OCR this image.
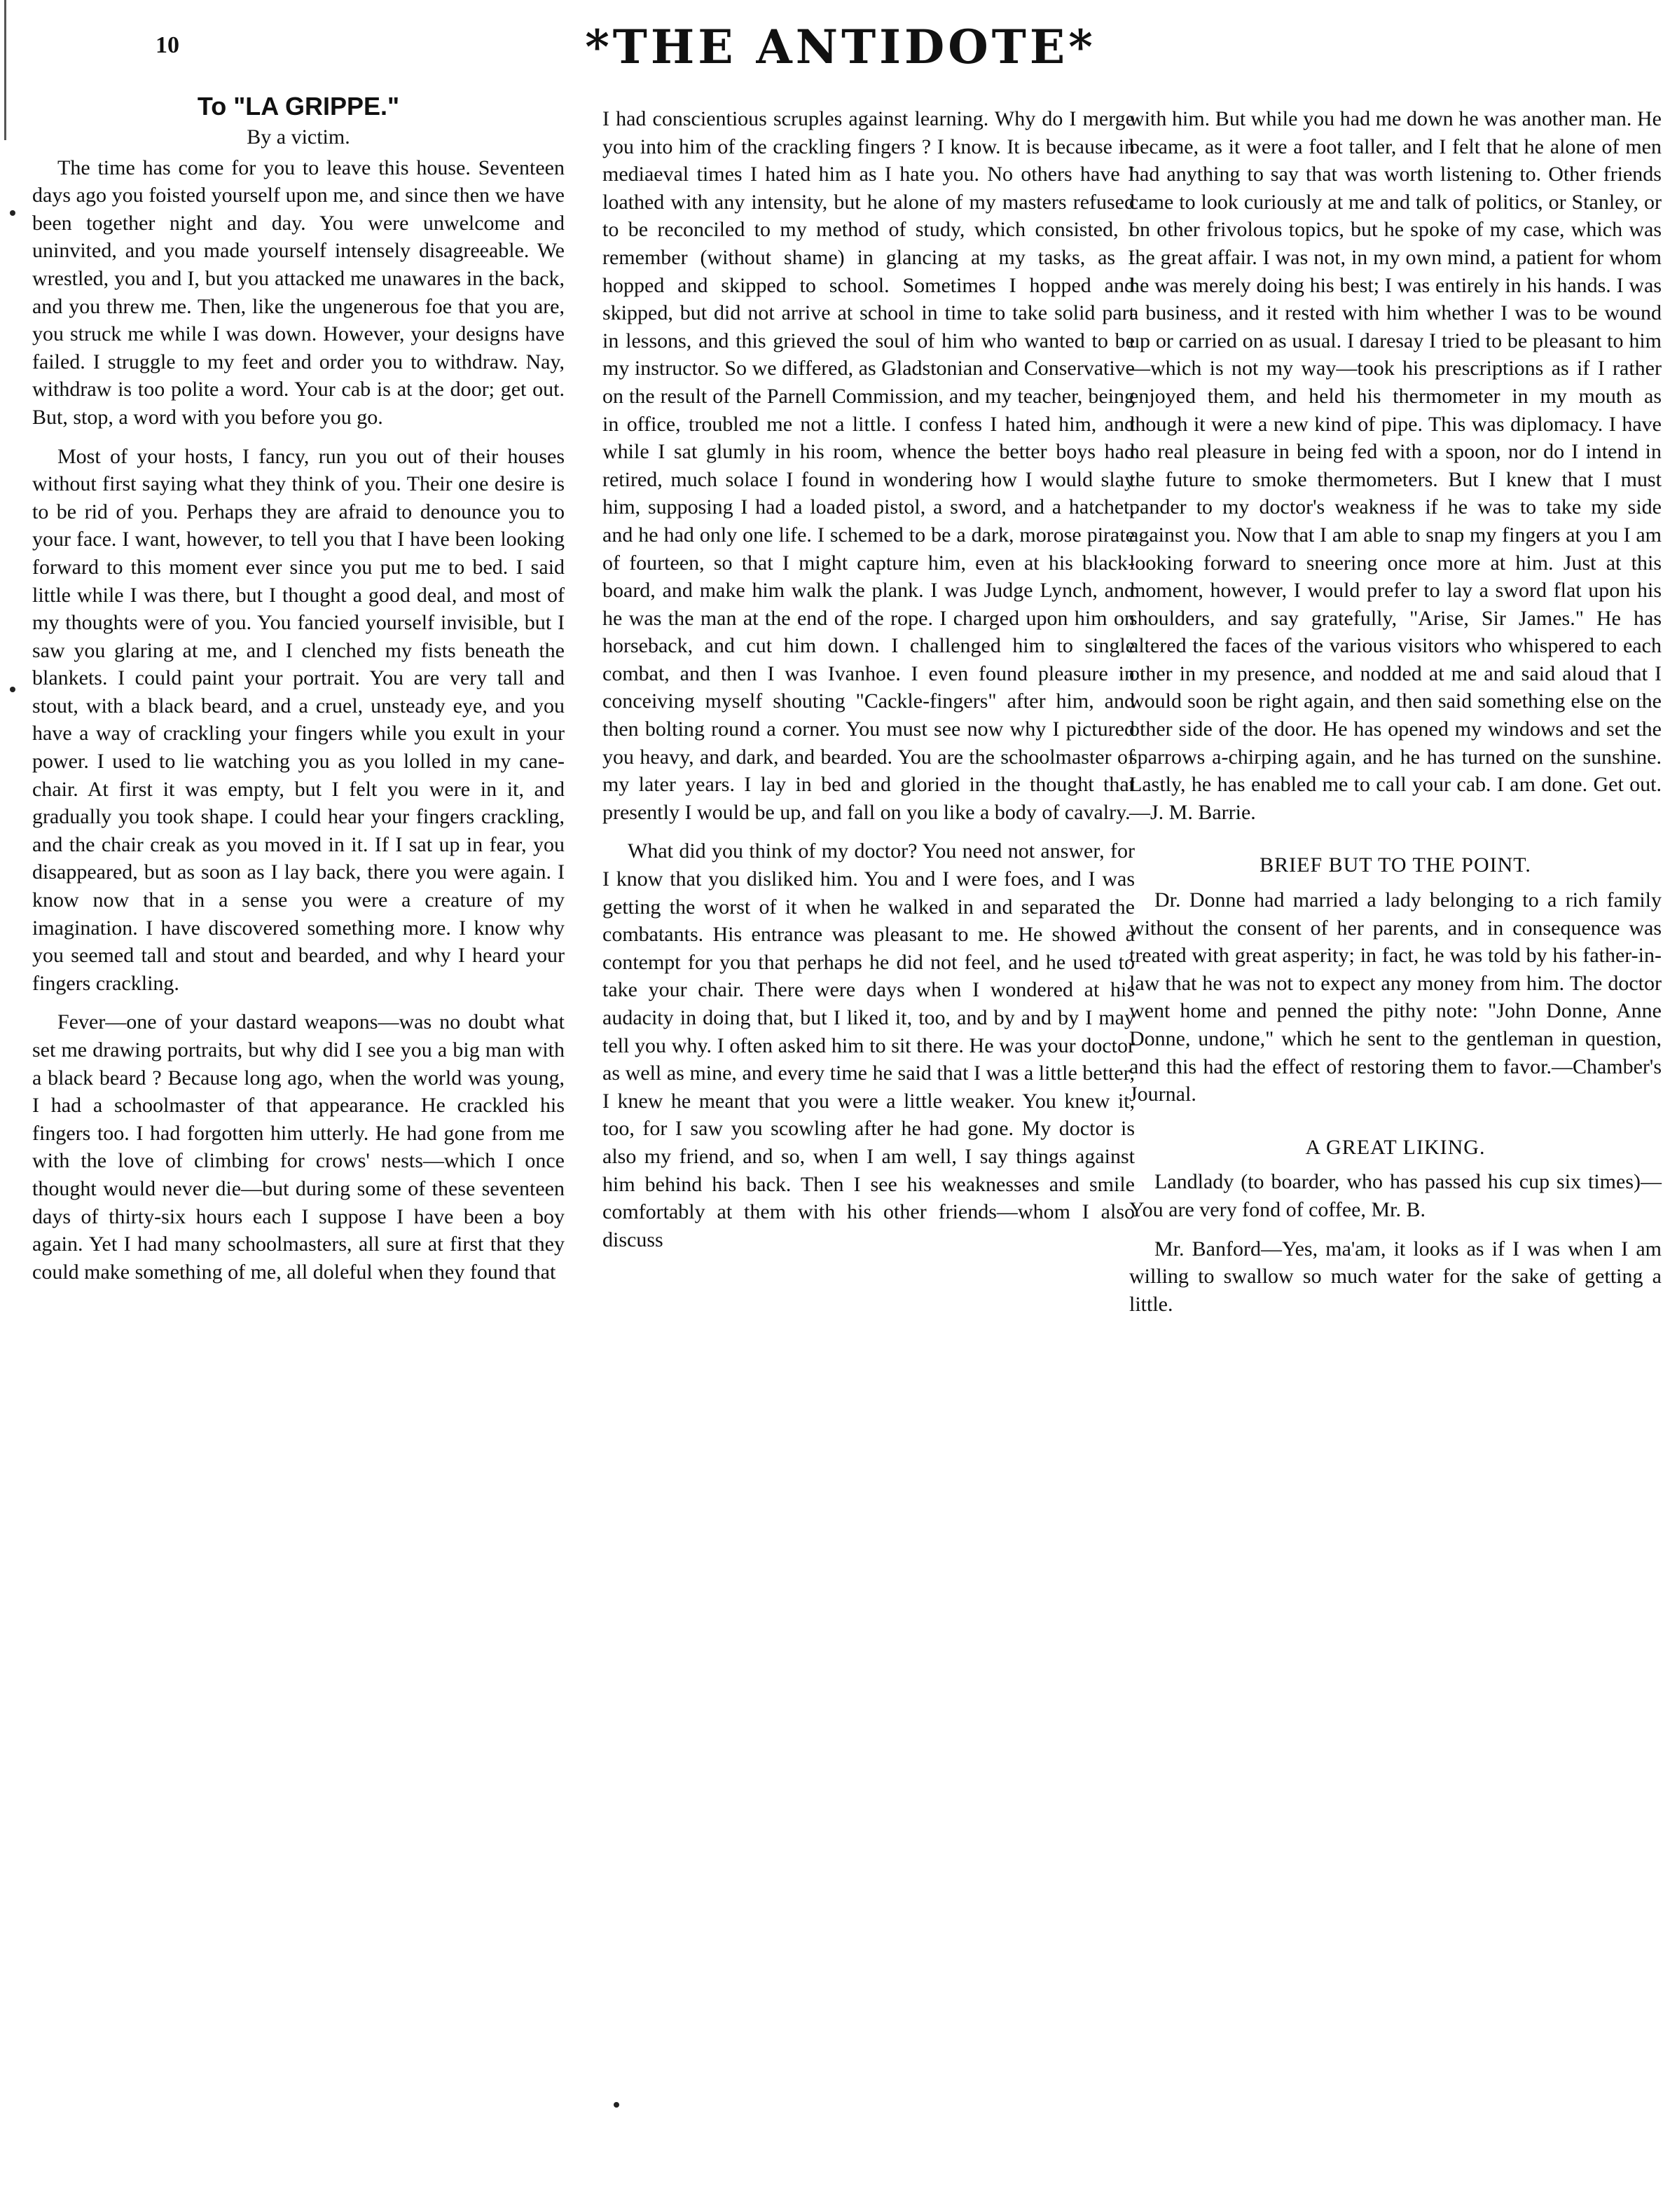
10	*THE ANTIDOTE*
To "LA GRIPPE."
By a victim.

The time has come for you to leave this house. Seventeen days ago you foisted yourself upon me, and since then we have been together night and day. You were unwelcome and uninvited, and you made yourself intensely disagreeable. We wrestled, you and I, but you attacked me unawares in the back, and you threw me. Then, like the ungenerous foe that you are, you struck me while I was down. However, your designs have failed. I struggle to my feet and order you to withdraw. Nay, withdraw is too polite a word. Your cab is at the door; get out. But, stop, a word with you before you go.

Most of your hosts, I fancy, run you out of their houses without first saying what they think of you. Their one desire is to be rid of you. Perhaps they are afraid to denounce you to your face. I want, however, to tell you that I have been looking forward to this moment ever since you put me to bed. I said little while I was there, but I thought a good deal, and most of my thoughts were of you. You fancied yourself invisible, but I saw you glaring at me, and I clenched my fists beneath the blankets. I could paint your portrait. You are very tall and stout, with a black beard, and a cruel, unsteady eye, and you have a way of crackling your fingers while you exult in your power. I used to lie watching you as you lolled in my cane-chair. At first it was empty, but I felt you were in it, and gradually you took shape. I could hear your fingers crackling, and the chair creak as you moved in it. If I sat up in fear, you disappeared, but as soon as I lay back, there you were again. I know now that in a sense you were a creature of my imagination. I have discovered something more. I know why you seemed tall and stout and bearded, and why I heard your fingers crackling.

Fever—one of your dastard weapons—was no doubt what set me drawing portraits, but why did I see you a big man with a black beard ? Because long ago, when the world was young, I had a schoolmaster of that appearance. He crackled his fingers too. I had forgotten him utterly. He had gone from me with the love of climbing for crows' nests—which I once thought would never die—but during some of these seventeen days of thirty-six hours each I suppose I have been a boy again. Yet I had many schoolmasters, all sure at first that they could make something of me, all doleful when they found that

I had conscientious scruples against learning. Why do I merge you into him of the crackling fingers ? I know. It is because in mediaeval times I hated him as I hate you. No others have I loathed with any intensity, but he alone of my masters refused to be reconciled to my method of study, which consisted, I remember (without shame) in glancing at my tasks, as I hopped and skipped to school. Sometimes I hopped and skipped, but did not arrive at school in time to take solid part in lessons, and this grieved the soul of him who wanted to be my instructor. So we differed, as Gladstonian and Conservative on the result of the Parnell Commission, and my teacher, being in office, troubled me not a little. I confess I hated him, and while I sat glumly in his room, whence the better boys had retired, much solace I found in wondering how I would slay him, supposing I had a loaded pistol, a sword, and a hatchet, and he had only one life. I schemed to be a dark, morose pirate of fourteen, so that I might capture him, even at his black-board, and make him walk the plank. I was Judge Lynch, and he was the man at the end of the rope. I charged upon him on horseback, and cut him down. I challenged him to single combat, and then I was Ivanhoe. I even found pleasure in conceiving myself shouting "Cackle-fingers" after him, and then bolting round a corner. You must see now why I pictured you heavy, and dark, and bearded. You are the schoolmaster of my later years. I lay in bed and gloried in the thought that presently I would be up, and fall on you like a body of cavalry.

What did you think of my doctor? You need not answer, for I know that you disliked him. You and I were foes, and I was getting the worst of it when he walked in and separated the combatants. His entrance was pleasant to me. He showed a contempt for you that perhaps he did not feel, and he used to take your chair. There were days when I wondered at his audacity in doing that, but I liked it, too, and by and by I may tell you why. I often asked him to sit there. He was your doctor as well as mine, and every time he said that I was a little better, I knew he meant that you were a little weaker. You knew it, too, for I saw you scowling after he had gone. My doctor is also my friend, and so, when I am well, I say things against him behind his back. Then I see his weaknesses and smile comfortably at them with his other friends—whom I also discuss

with him. But while you had me down he was another man. He became, as it were a foot taller, and I felt that he alone of men had anything to say that was worth listening to. Other friends came to look curiously at me and talk of politics, or Stanley, or on other frivolous topics, but he spoke of my case, which was the great affair. I was not, in my own mind, a patient for whom he was merely doing his best; I was entirely in his hands. I was a business, and it rested with him whether I was to be wound up or carried on as usual. I daresay I tried to be pleasant to him—which is not my way—took his prescriptions as if I rather enjoyed them, and held his thermometer in my mouth as though it were a new kind of pipe. This was diplomacy. I have no real pleasure in being fed with a spoon, nor do I intend in the future to smoke thermometers. But I knew that I must pander to my doctor's weakness if he was to take my side against you. Now that I am able to snap my fingers at you I am looking forward to sneering once more at him. Just at this moment, however, I would prefer to lay a sword flat upon his shoulders, and say gratefully, "Arise, Sir James." He has altered the faces of the various visitors who whispered to each other in my presence, and nodded at me and said aloud that I would soon be right again, and then said something else on the other side of the door. He has opened my windows and set the sparrows a-chirping again, and he has turned on the sunshine. Lastly, he has enabled me to call your cab. I am done. Get out. —J. M. Barrie.

BRIEF BUT TO THE POINT.

Dr. Donne had married a lady belonging to a rich family without the consent of her parents, and in consequence was treated with great asperity; in fact, he was told by his father-in-law that he was not to expect any money from him. The doctor went home and penned the pithy note: "John Donne, Anne Donne, undone," which he sent to the gentleman in question, and this had the effect of restoring them to favor.—Chamber's Journal.

A GREAT LIKING.

Landlady (to boarder, who has passed his cup six times)—You are very fond of coffee, Mr. B.

Mr. Banford—Yes, ma'am, it looks as if I was when I am willing to swallow so much water for the sake of getting a little.
